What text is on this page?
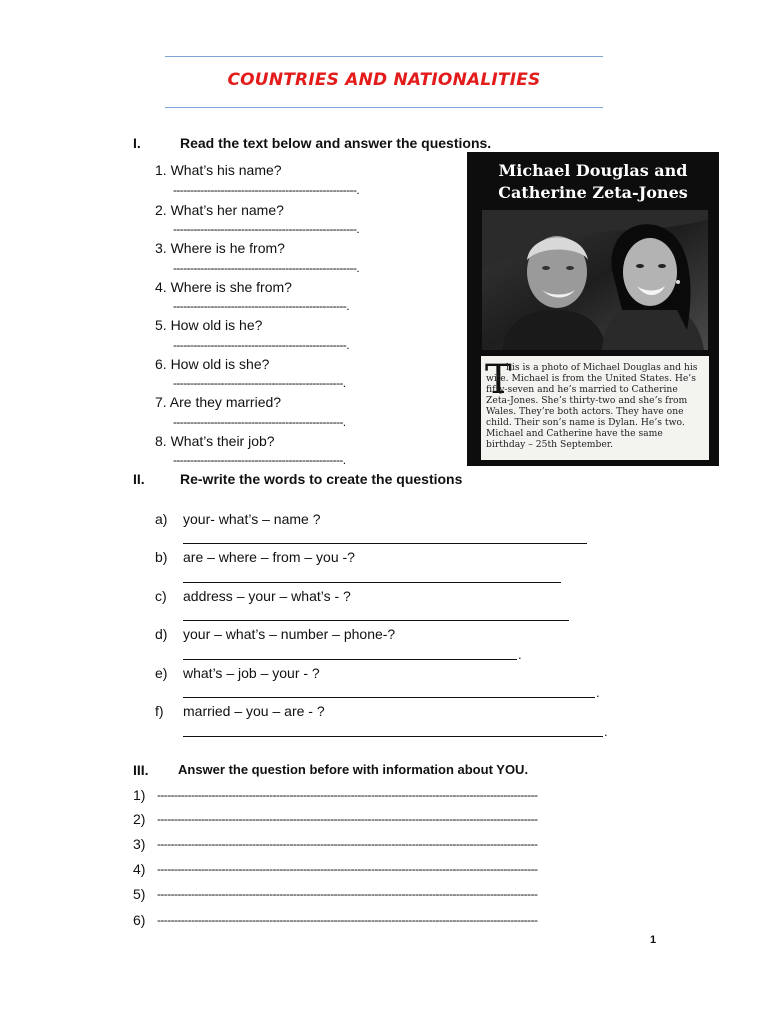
COUNTRIES AND NATIONALITIES
I.	Read the text below and answer the questions.
1. What’s his name?
------------------------------------------------------.
2. What’s her name?
------------------------------------------------------.
3. Where is he from?
------------------------------------------------------.
4. Where is she from?
---------------------------------------------------.
5. How old is he?
---------------------------------------------------.
6. How old is she?
--------------------------------------------------.
7. Are they married?
--------------------------------------------------.
8. What’s their job?
--------------------------------------------------.
Michael Douglas and
Catherine Zeta-Jones
T
his is a photo of Michael Douglas and his wife. Michael is from the United States. He’s fifty-seven and he’s married to Catherine Zeta-Jones. She’s thirty-two and she’s from Wales. They’re both actors. They have one child. Their son’s name is Dylan. He’s two. Michael and Catherine have the same birthday – 25th September.
II.	Re-write the words to create the questions
a) your- what’s – name ?
b) are – where – from – you -?
c) address – your – what’s - ?
d) your – what’s – number – phone-?
.
e) what’s – job – your - ?
.
f) married – you – are - ?
.
III. Answer the question before with information about YOU.
1) ----------------------------------------------------------------------------------------------------------------
2) ----------------------------------------------------------------------------------------------------------------
3) ----------------------------------------------------------------------------------------------------------------
4) ----------------------------------------------------------------------------------------------------------------
5) ----------------------------------------------------------------------------------------------------------------
6) ----------------------------------------------------------------------------------------------------------------
1
